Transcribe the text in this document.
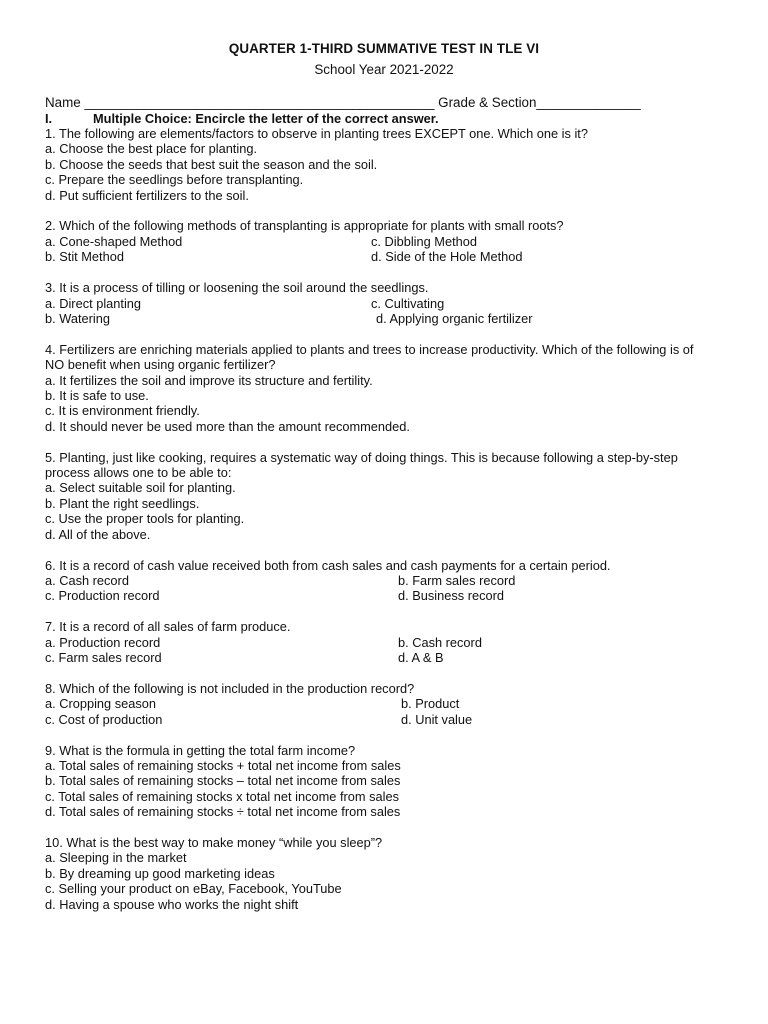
QUARTER 1-THIRD SUMMATIVE TEST IN TLE VI
School Year 2021-2022
Name _______________________________________________ Grade & Section______________
I.	Multiple Choice: Encircle the letter of the correct answer.
1. The following are elements/factors to observe in planting trees EXCEPT one. Which one is it?
a. Choose the best place for planting.
b. Choose the seeds that best suit the season and the soil.
c. Prepare the seedlings before transplanting.
d. Put sufficient fertilizers to the soil.
2. Which of the following methods of transplanting is appropriate for plants with small roots?
a. Cone-shaped Method	c. Dibbling Method
b. Stit Method	d. Side of the Hole Method
3. It is a process of tilling or loosening the soil around the seedlings.
a. Direct planting	c. Cultivating
b. Watering	d. Applying organic fertilizer
4. Fertilizers are enriching materials applied to plants and trees to increase productivity. Which of the following is of NO benefit when using organic fertilizer?
a. It fertilizes the soil and improve its structure and fertility.
b. It is safe to use.
c. It is environment friendly.
d. It should never be used more than the amount recommended.
5. Planting, just like cooking, requires a systematic way of doing things. This is because following a step-by-step process allows one to be able to:
a. Select suitable soil for planting.
b. Plant the right seedlings.
c. Use the proper tools for planting.
d. All of the above.
6. It is a record of cash value received both from cash sales and cash payments for a certain period.
a. Cash record	b. Farm sales record
c. Production record	d. Business record
7. It is a record of all sales of farm produce.
a. Production record	b. Cash record
c. Farm sales record	d. A & B
8. Which of the following is not included in the production record?
a. Cropping season	b. Product
c. Cost of production	d. Unit value
9. What is the formula in getting the total farm income?
a. Total sales of remaining stocks + total net income from sales
b. Total sales of remaining stocks – total net income from sales
c. Total sales of remaining stocks x total net income from sales
d. Total sales of remaining stocks ÷ total net income from sales
10. What is the best way to make money “while you sleep”?
a. Sleeping in the market
b. By dreaming up good marketing ideas
c. Selling your product on eBay, Facebook, YouTube
d. Having a spouse who works the night shift
